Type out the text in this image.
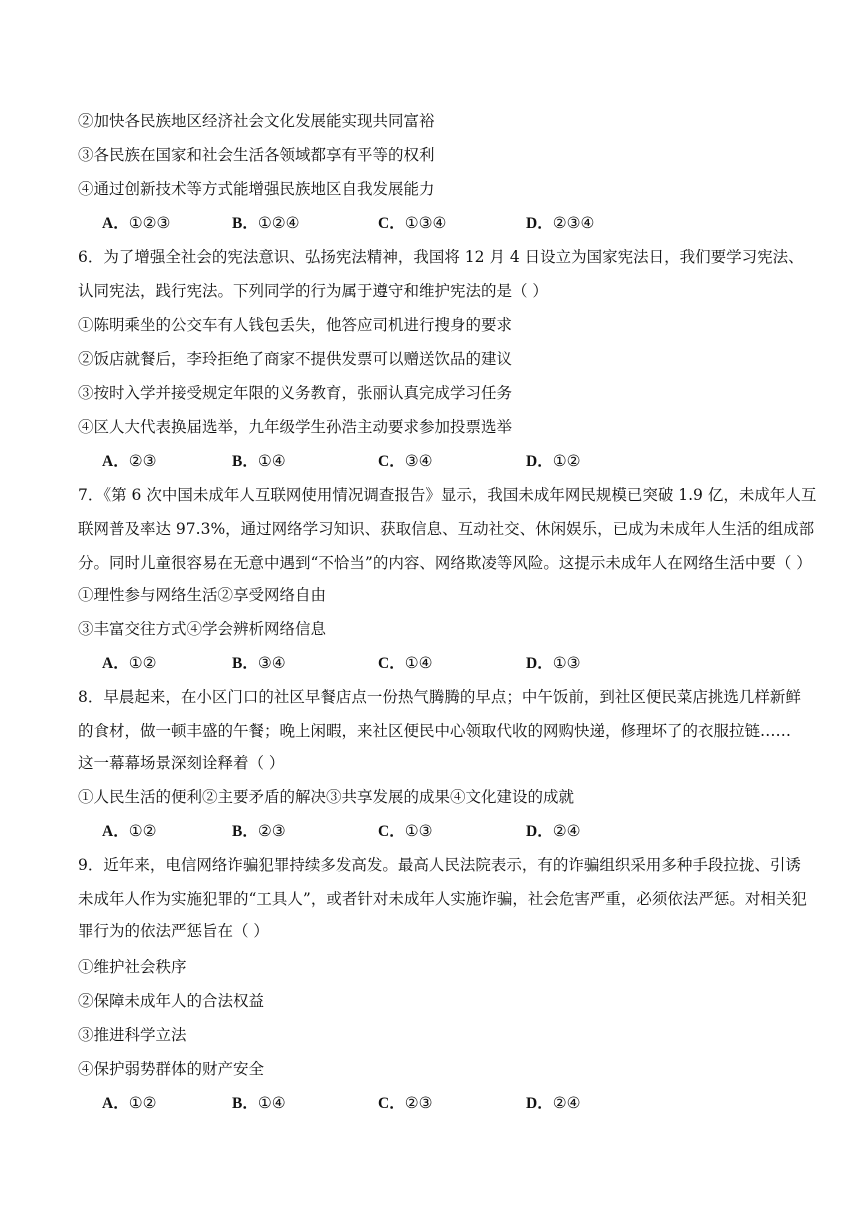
②加快各民族地区经济社会文化发展能实现共同富裕
③各民族在国家和社会生活各领域都享有平等的权利
④通过创新技术等方式能增强民族地区自我发展能力
A．①②③	B．①②④	C．①③④	D．②③④
6．为了增强全社会的宪法意识、弘扬宪法精神，我国将 12 月 4 日设立为国家宪法日，我们要学习宪法、
认同宪法，践行宪法。下列同学的行为属于遵守和维护宪法的是（ ）
①陈明乘坐的公交车有人钱包丢失，他答应司机进行搜身的要求
②饭店就餐后，李玲拒绝了商家不提供发票可以赠送饮品的建议
③按时入学并接受规定年限的义务教育，张丽认真完成学习任务
④区人大代表换届选举，九年级学生孙浩主动要求参加投票选举
A．②③	B．①④	C．③④	D．①②
7．《第 6 次中国未成年人互联网使用情况调查报告》显示，我国未成年网民规模已突破 1.9 亿，未成年人互
联网普及率达 97.3%，通过网络学习知识、获取信息、互动社交、休闲娱乐，已成为未成年人生活的组成部
分。同时儿童很容易在无意中遇到“不恰当”的内容、网络欺凌等风险。这提示未成年人在网络生活中要（ ）
①理性参与网络生活②享受网络自由
③丰富交往方式④学会辨析网络信息
A．①②	B．③④	C．①④	D．①③
8．早晨起来，在小区门口的社区早餐店点一份热气腾腾的早点；中午饭前，到社区便民菜店挑选几样新鲜
的食材，做一顿丰盛的午餐；晚上闲暇，来社区便民中心领取代收的网购快递，修理坏了的衣服拉链……
这一幕幕场景深刻诠释着（ ）
①人民生活的便利②主要矛盾的解决③共享发展的成果④文化建设的成就
A．①②	B．②③	C．①③	D．②④
9．近年来，电信网络诈骗犯罪持续多发高发。最高人民法院表示，有的诈骗组织采用多种手段拉拢、引诱
未成年人作为实施犯罪的“工具人”，或者针对未成年人实施诈骗，社会危害严重，必须依法严惩。对相关犯
罪行为的依法严惩旨在（ ）
①维护社会秩序
②保障未成年人的合法权益
③推进科学立法
④保护弱势群体的财产安全
A．①②	B．①④	C．②③	D．②④
